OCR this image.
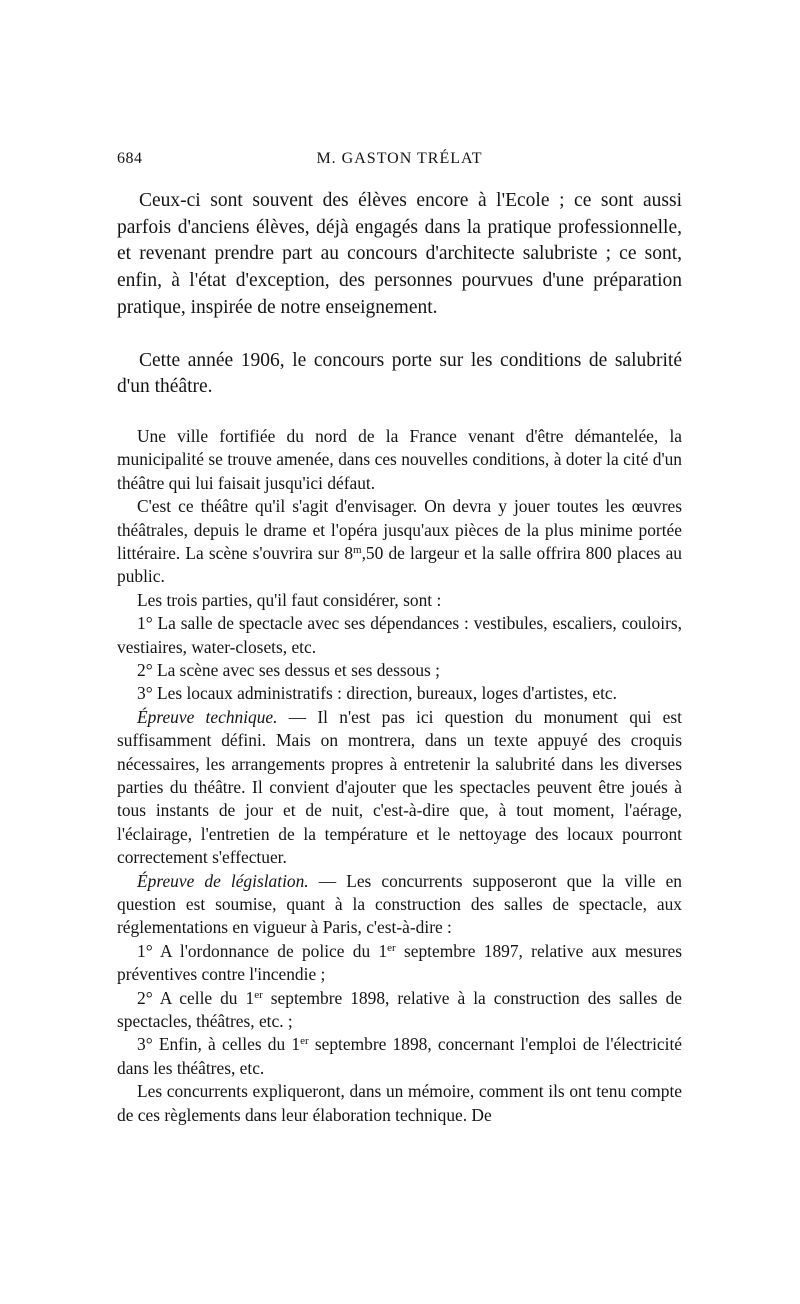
684	M. GASTON TRÉLAT

Ceux-ci sont souvent des élèves encore à l'Ecole ; ce sont aussi parfois d'anciens élèves, déjà engagés dans la pratique professionnelle, et revenant prendre part au concours d'architecte salubriste ; ce sont, enfin, à l'état d'exception, des personnes pourvues d'une préparation pratique, inspirée de notre enseignement.

Cette année 1906, le concours porte sur les conditions de salubrité d'un théâtre.

Une ville fortifiée du nord de la France venant d'être démantelée, la municipalité se trouve amenée, dans ces nouvelles conditions, à doter la cité d'un théâtre qui lui faisait jusqu'ici défaut.

C'est ce théâtre qu'il s'agit d'envisager. On devra y jouer toutes les œuvres théâtrales, depuis le drame et l'opéra jusqu'aux pièces de la plus minime portée littéraire. La scène s'ouvrira sur 8$^m$,50 de largeur et la salle offrira 800 places au public.

Les trois parties, qu'il faut considérer, sont :

1° La salle de spectacle avec ses dépendances : vestibules, escaliers, couloirs, vestiaires, water-closets, etc.

2° La scène avec ses dessus et ses dessous ;

3° Les locaux administratifs : direction, bureaux, loges d'artistes, etc.

Épreuve technique. — Il n'est pas ici question du monument qui est suffisamment défini. Mais on montrera, dans un texte appuyé des croquis nécessaires, les arrangements propres à entretenir la salubrité dans les diverses parties du théâtre. Il convient d'ajouter que les spectacles peuvent être joués à tous instants de jour et de nuit, c'est-à-dire que, à tout moment, l'aérage, l'éclairage, l'entretien de la température et le nettoyage des locaux pourront correctement s'effectuer.

Épreuve de législation. — Les concurrents supposeront que la ville en question est soumise, quant à la construction des salles de spectacle, aux réglementations en vigueur à Paris, c'est-à-dire :

1° A l'ordonnance de police du 1er septembre 1897, relative aux mesures préventives contre l'incendie ;

2° A celle du 1er septembre 1898, relative à la construction des salles de spectacles, théâtres, etc. ;

3° Enfin, à celles du 1er septembre 1898, concernant l'emploi de l'électricité dans les théâtres, etc.

Les concurrents expliqueront, dans un mémoire, comment ils ont tenu compte de ces règlements dans leur élaboration technique. De
